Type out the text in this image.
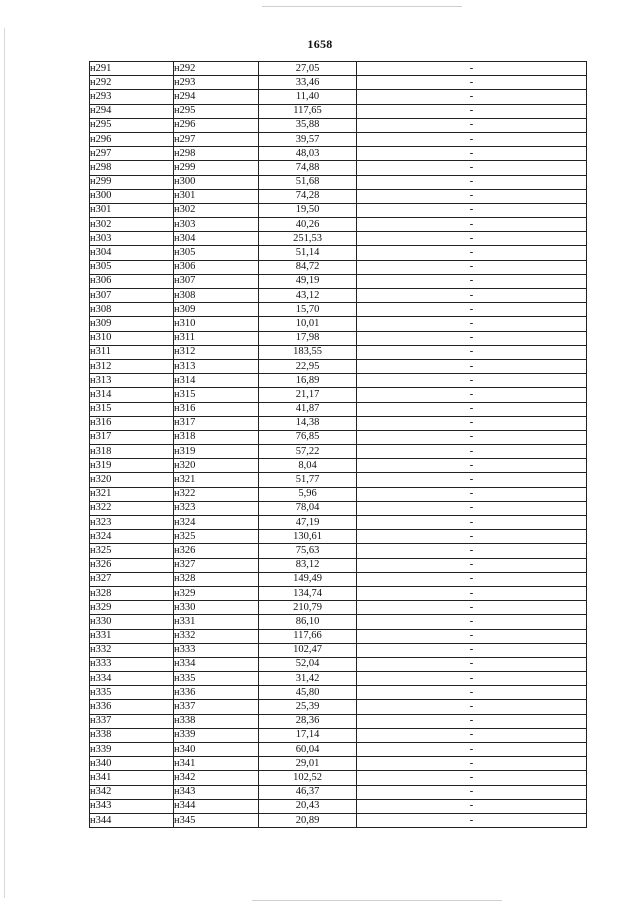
1658
н291	н292	27,05	-
н292	н293	33,46	-
н293	н294	11,40	-
н294	н295	117,65	-
н295	н296	35,88	-
н296	н297	39,57	-
н297	н298	48,03	-
н298	н299	74,88	-
н299	н300	51,68	-
н300	н301	74,28	-
н301	н302	19,50	-
н302	н303	40,26	-
н303	н304	251,53	-
н304	н305	51,14	-
н305	н306	84,72	-
н306	н307	49,19	-
н307	н308	43,12	-
н308	н309	15,70	-
н309	н310	10,01	-
н310	н311	17,98	-
н311	н312	183,55	-
н312	н313	22,95	-
н313	н314	16,89	-
н314	н315	21,17	-
н315	н316	41,87	-
н316	н317	14,38	-
н317	н318	76,85	-
н318	н319	57,22	-
н319	н320	8,04	-
н320	н321	51,77	-
н321	н322	5,96	-
н322	н323	78,04	-
н323	н324	47,19	-
н324	н325	130,61	-
н325	н326	75,63	-
н326	н327	83,12	-
н327	н328	149,49	-
н328	н329	134,74	-
н329	н330	210,79	-
н330	н331	86,10	-
н331	н332	117,66	-
н332	н333	102,47	-
н333	н334	52,04	-
н334	н335	31,42	-
н335	н336	45,80	-
н336	н337	25,39	-
н337	н338	28,36	-
н338	н339	17,14	-
н339	н340	60,04	-
н340	н341	29,01	-
н341	н342	102,52	-
н342	н343	46,37	-
н343	н344	20,43	-
н344	н345	20,89	-
